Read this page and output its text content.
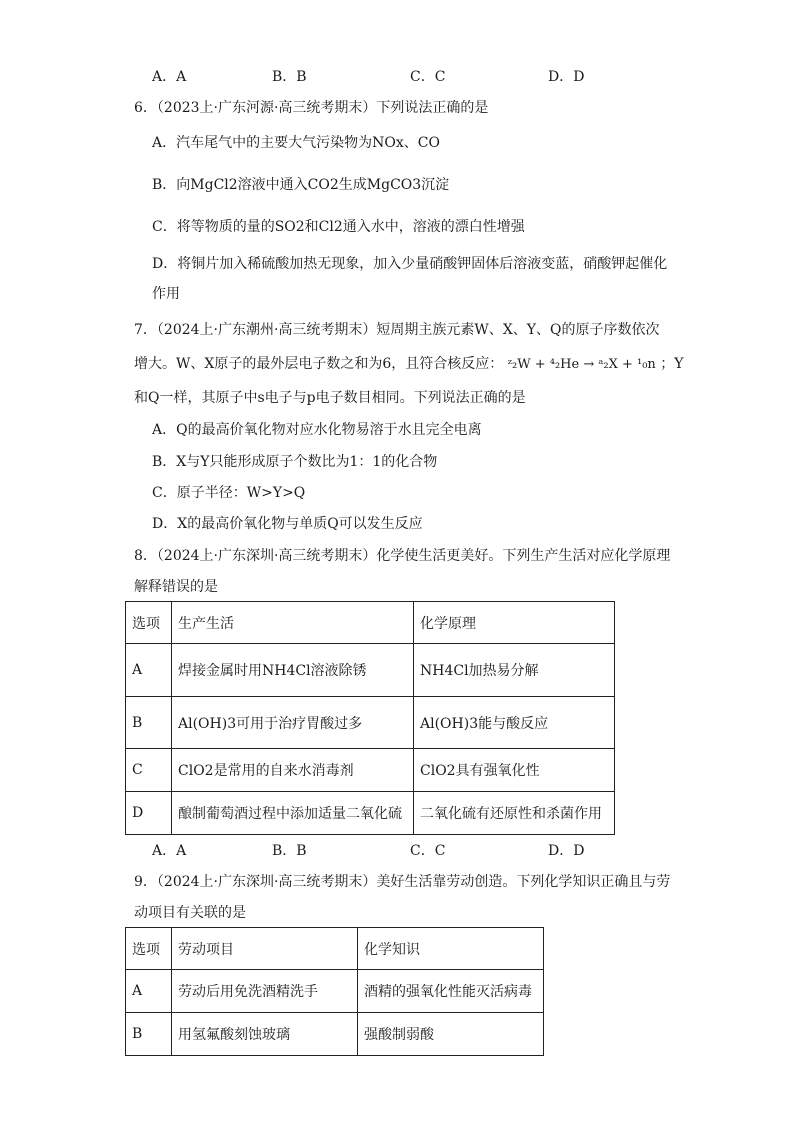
A．A	B．B	C．C	D．D
6．（2023上·广东河源·高三统考期末）下列说法正确的是
A．汽车尾气中的主要大气污染物为NOx、CO
B．向MgCl2溶液中通入CO2生成MgCO3沉淀
C．将等物质的量的SO2和Cl2通入水中，溶液的漂白性增强
D．将铜片加入稀硫酸加热无现象，加入少量硝酸钾固体后溶液变蓝，硝酸钾起催化
作用
7．（2024上·广东潮州·高三统考期末）短周期主族元素W、X、Y、Q的原子序数依次
增大。W、X原子的最外层电子数之和为6，且符合核反应： ᶻ₂W + ⁴₂He → ᵃ₂X + ¹₀n ；Y
和Q一样，其原子中s电子与p电子数目相同。下列说法正确的是
A．Q的最高价氧化物对应水化物易溶于水且完全电离
B．X与Y只能形成原子个数比为1：1的化合物
C．原子半径：W>Y>Q
D．X的最高价氧化物与单质Q可以发生反应
8．（2024上·广东深圳·高三统考期末）化学使生活更美好。下列生产生活对应化学原理
解释错误的是
选项	生产生活	化学原理
A	焊接金属时用NH4Cl溶液除锈	NH4Cl加热易分解
B	Al(OH)3可用于治疗胃酸过多	Al(OH)3能与酸反应
C	ClO2是常用的自来水消毒剂	ClO2具有强氧化性
D	酿制葡萄酒过程中添加适量二氧化硫	二氧化硫有还原性和杀菌作用
A．A	B．B	C．C	D．D
9．（2024上·广东深圳·高三统考期末）美好生活靠劳动创造。下列化学知识正确且与劳
动项目有关联的是
选项	劳动项目	化学知识
A	劳动后用免洗酒精洗手	酒精的强氧化性能灭活病毒
B	用氢氟酸刻蚀玻璃	强酸制弱酸
